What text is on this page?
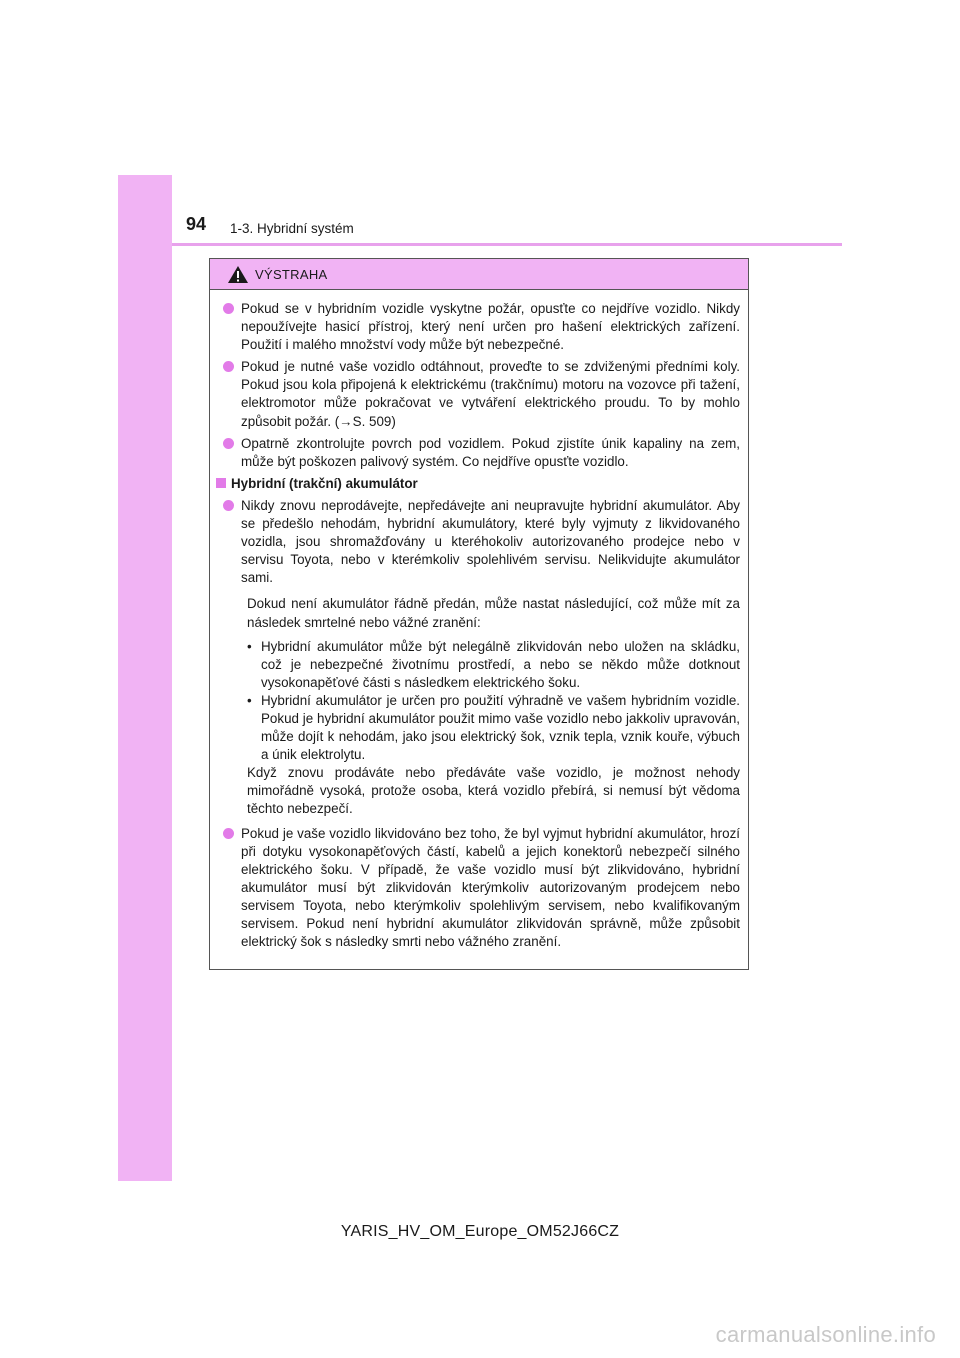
94 1-3. Hybridní systém
VÝSTRAHA
Pokud se v hybridním vozidle vyskytne požár, opusťte co nejdříve vozidlo. Nikdy nepoužívejte hasicí přístroj, který není určen pro hašení elektrických zařízení. Použití i malého množství vody může být nebezpečné.
Pokud je nutné vaše vozidlo odtáhnout, proveďte to se zdviženými předními koly. Pokud jsou kola připojená k elektrickému (trakčnímu) motoru na vozovce při tažení, elektromotor může pokračovat ve vytváření elektrického proudu. To by mohlo způsobit požár. (→S. 509)
Opatrně zkontrolujte povrch pod vozidlem. Pokud zjistíte únik kapaliny na zem, může být poškozen palivový systém. Co nejdříve opusťte vozidlo.
Hybridní (trakční) akumulátor
Nikdy znovu neprodávejte, nepředávejte ani neupravujte hybridní akumulátor. Aby se předešlo nehodám, hybridní akumulátory, které byly vyjmuty z likvidovaného vozidla, jsou shromažďovány u kteréhokoliv autorizovaného prodejce nebo v servisu Toyota, nebo v kterémkoliv spolehlivém servisu. Nelikvidujte akumulátor sami.
Dokud není akumulátor řádně předán, může nastat následující, což může mít za následek smrtelné nebo vážné zranění:
• Hybridní akumulátor může být nelegálně zlikvidován nebo uložen na skládku, což je nebezpečné životnímu prostředí, a nebo se někdo může dotknout vysokonapěťové části s následkem elektrického šoku.
• Hybridní akumulátor je určen pro použití výhradně ve vašem hybridním vozidle. Pokud je hybridní akumulátor použit mimo vaše vozidlo nebo jakkoliv upravován, může dojít k nehodám, jako jsou elektrický šok, vznik tepla, vznik kouře, výbuch a únik elektrolytu.
Když znovu prodáváte nebo předáváte vaše vozidlo, je možnost nehody mimořádně vysoká, protože osoba, která vozidlo přebírá, si nemusí být vědoma těchto nebezpečí.
Pokud je vaše vozidlo likvidováno bez toho, že byl vyjmut hybridní akumulátor, hrozí při dotyku vysokonapěťových částí, kabelů a jejich konektorů nebezpečí silného elektrického šoku. V případě, že vaše vozidlo musí být zlikvidováno, hybridní akumulátor musí být zlikvidován kterýmkoliv autorizovaným prodejcem nebo servisem Toyota, nebo kterýmkoliv spolehlivým servisem, nebo kvalifikovaným servisem. Pokud není hybridní akumulátor zlikvidován správně, může způsobit elektrický šok s následky smrti nebo vážného zranění.
YARIS_HV_OM_Europe_OM52J66CZ
carmanualsonline.info
